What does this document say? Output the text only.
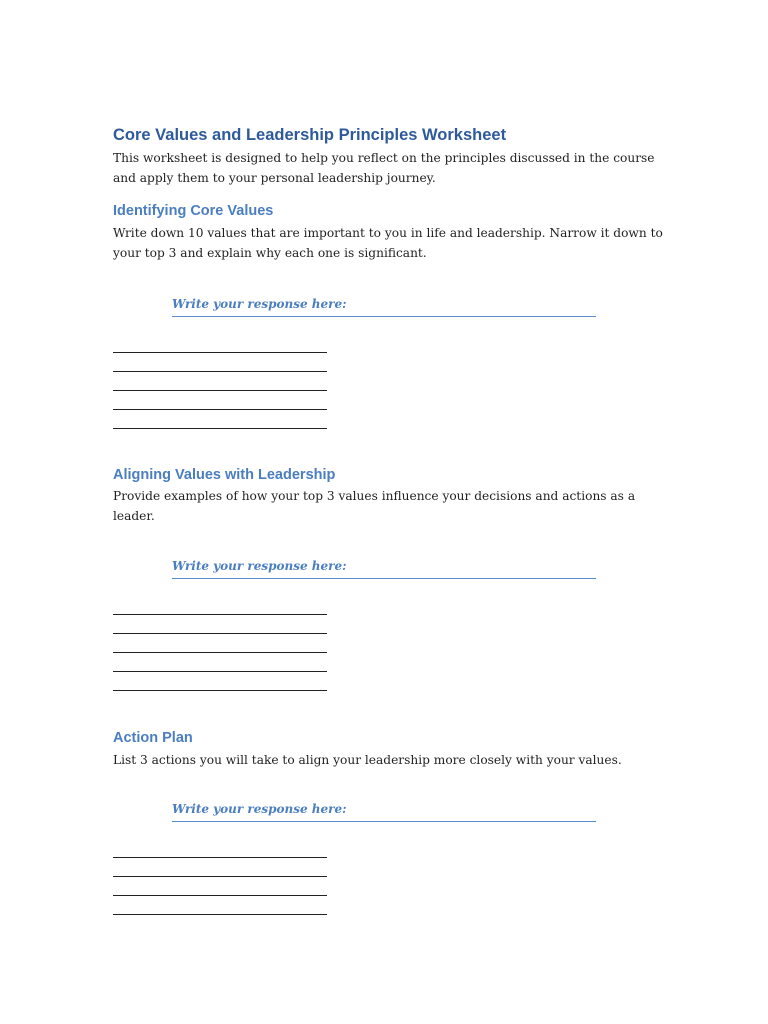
Core Values and Leadership Principles Worksheet

This worksheet is designed to help you reflect on the principles discussed in the course and apply them to your personal leadership journey.

Identifying Core Values

Write down 10 values that are important to you in life and leadership. Narrow it down to your top 3 and explain why each one is significant.

Write your response here:
Aligning Values with Leadership

Provide examples of how your top 3 values influence your decisions and actions as a leader.

Write your response here:
Action Plan

List 3 actions you will take to align your leadership more closely with your values.

Write your response here:
